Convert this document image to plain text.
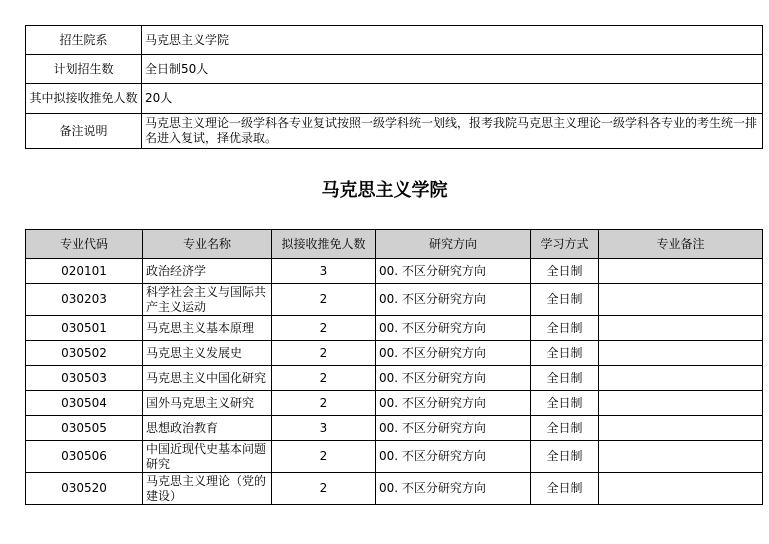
招生院系	马克思主义学院
计划招生数	全日制50人
其中拟接收推免人数	20人
备注说明	马克思主义理论一级学科各专业复试按照一级学科统一划线，报考我院马克思主义理论一级学科各专业的考生统一排名进入复试，择优录取。
马克思主义学院
专业代码	专业名称	拟接收推免人数	研究方向	学习方式	专业备注
020101	政治经济学	3	00. 不区分研究方向	全日制	
030203	科学社会主义与国际共产主义运动	2	00. 不区分研究方向	全日制	
030501	马克思主义基本原理	2	00. 不区分研究方向	全日制	
030502	马克思主义发展史	2	00. 不区分研究方向	全日制	
030503	马克思主义中国化研究	2	00. 不区分研究方向	全日制	
030504	国外马克思主义研究	2	00. 不区分研究方向	全日制	
030505	思想政治教育	3	00. 不区分研究方向	全日制	
030506	中国近现代史基本问题研究	2	00. 不区分研究方向	全日制	
030520	马克思主义理论（党的建设）	2	00. 不区分研究方向	全日制	
